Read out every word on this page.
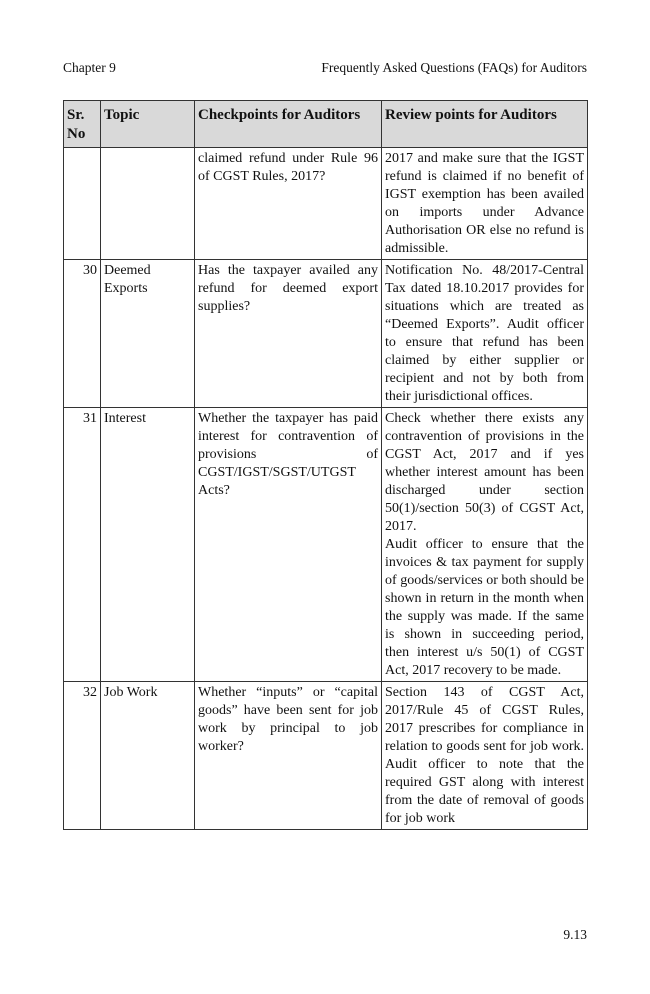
Chapter 9	Frequently Asked Questions (FAQs) for Auditors
Sr. No	Topic	Checkpoints for Auditors	Review points for Auditors
		claimed refund under Rule 96 of CGST Rules, 2017?	2017 and make sure that the IGST refund is claimed if no benefit of IGST exemption has been availed on imports under Advance Authorisation OR else no refund is admissible.

30	Deemed Exports	Has the taxpayer availed any refund for deemed export supplies?	Notification No. 48/2017-Central Tax dated 18.10.2017 provides for situations which are treated as “Deemed Exports”. Audit officer to ensure that refund has been claimed by either supplier or recipient and not by both from their jurisdictional offices.

31	Interest	Whether the taxpayer has paid interest for contravention of provisions of CGST/IGST/SGST/UTGST Acts?	Check whether there exists any contravention of provisions in the CGST Act, 2017 and if yes whether interest amount has been discharged under section 50(1)/section 50(3) of CGST Act, 2017.
Audit officer to ensure that the invoices & tax payment for supply of goods/services or both should be shown in return in the month when the supply was made. If the same is shown in succeeding period, then interest u/s 50(1) of CGST Act, 2017 recovery to be made.

32	Job Work	Whether “inputs” or “capital goods” have been sent for job work by principal to job worker?	Section 143 of CGST Act, 2017/Rule 45 of CGST Rules, 2017 prescribes for compliance in relation to goods sent for job work. Audit officer to note that the required GST along with interest from the date of removal of goods for job work
9.13
